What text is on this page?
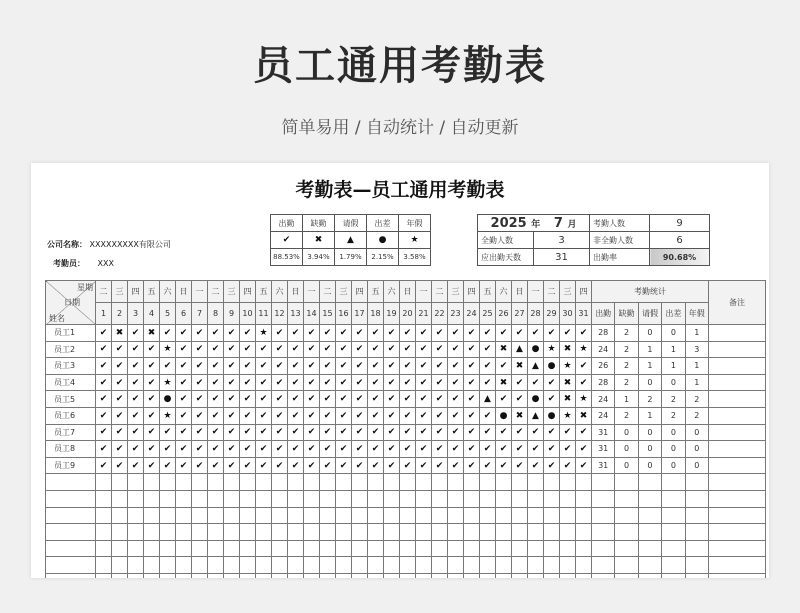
员工通用考勤表
简单易用 / 自动统计 / 自动更新
考勤表—员工通用考勤表
公司名称： XXXXXXXXX有限公司
考勤员： XXX
出勤	缺勤	请假	出差	年假
✔	✖	▲	●	★
88.53%	3.94%	1.79%	2.15%	3.58%
2025 年 7 月		考勤人数	9
全勤人数	3	非全勤人数	6
应出勤天数	31	出勤率	90.68%
星期
日期
姓名	二	三	四	五	六	日	一	二	三	四	五	六	日	一	二	三	四	五	六	日	一	二	三	四	五	六	日	一	二	三	四	考勤统计					备注
	1	2	3	4	5	6	7	8	9	10	11	12	13	14	15	16	17	18	19	20	21	22	23	24	25	26	27	28	29	30	31	出勤	缺勤	请假	出差	年假	
员工1	✔	✖	✔	✖	✔	✔	✔	✔	✔	✔	★	✔	✔	✔	✔	✔	✔	✔	✔	✔	✔	✔	✔	✔	✔	✔	✔	✔	✔	✔	✔	28	2	0	0	1	
员工2	✔	✔	✔	✔	★	✔	✔	✔	✔	✔	✔	✔	✔	✔	✔	✔	✔	✔	✔	✔	✔	✔	✔	✔	✔	✖	▲	●	★	✖	★	24	2	1	1	3	
员工3	✔	✔	✔	✔	✔	✔	✔	✔	✔	✔	✔	✔	✔	✔	✔	✔	✔	✔	✔	✔	✔	✔	✔	✔	✔	✔	✖	▲	●	★	✔	26	2	1	1	1	
员工4	✔	✔	✔	✔	★	✔	✔	✔	✔	✔	✔	✔	✔	✔	✔	✔	✔	✔	✔	✔	✔	✔	✔	✔	✔	✖	✔	✔	✔	✖	✔	28	2	0	0	1	
员工5	✔	✔	✔	✔	●	✔	✔	✔	✔	✔	✔	✔	✔	✔	✔	✔	✔	✔	✔	✔	✔	✔	✔	✔	▲	✔	✔	●	✔	✖	★	24	1	2	2	2	
员工6	✔	✔	✔	✔	★	✔	✔	✔	✔	✔	✔	✔	✔	✔	✔	✔	✔	✔	✔	✔	✔	✔	✔	✔	✔	●	✖	▲	●	★	✖	24	2	1	2	2	
员工7	✔	✔	✔	✔	✔	✔	✔	✔	✔	✔	✔	✔	✔	✔	✔	✔	✔	✔	✔	✔	✔	✔	✔	✔	✔	✔	✔	✔	✔	✔	✔	31	0	0	0	0	
员工8	✔	✔	✔	✔	✔	✔	✔	✔	✔	✔	✔	✔	✔	✔	✔	✔	✔	✔	✔	✔	✔	✔	✔	✔	✔	✔	✔	✔	✔	✔	✔	31	0	0	0	0	
员工9	✔	✔	✔	✔	✔	✔	✔	✔	✔	✔	✔	✔	✔	✔	✔	✔	✔	✔	✔	✔	✔	✔	✔	✔	✔	✔	✔	✔	✔	✔	✔	31	0	0	0	0	
